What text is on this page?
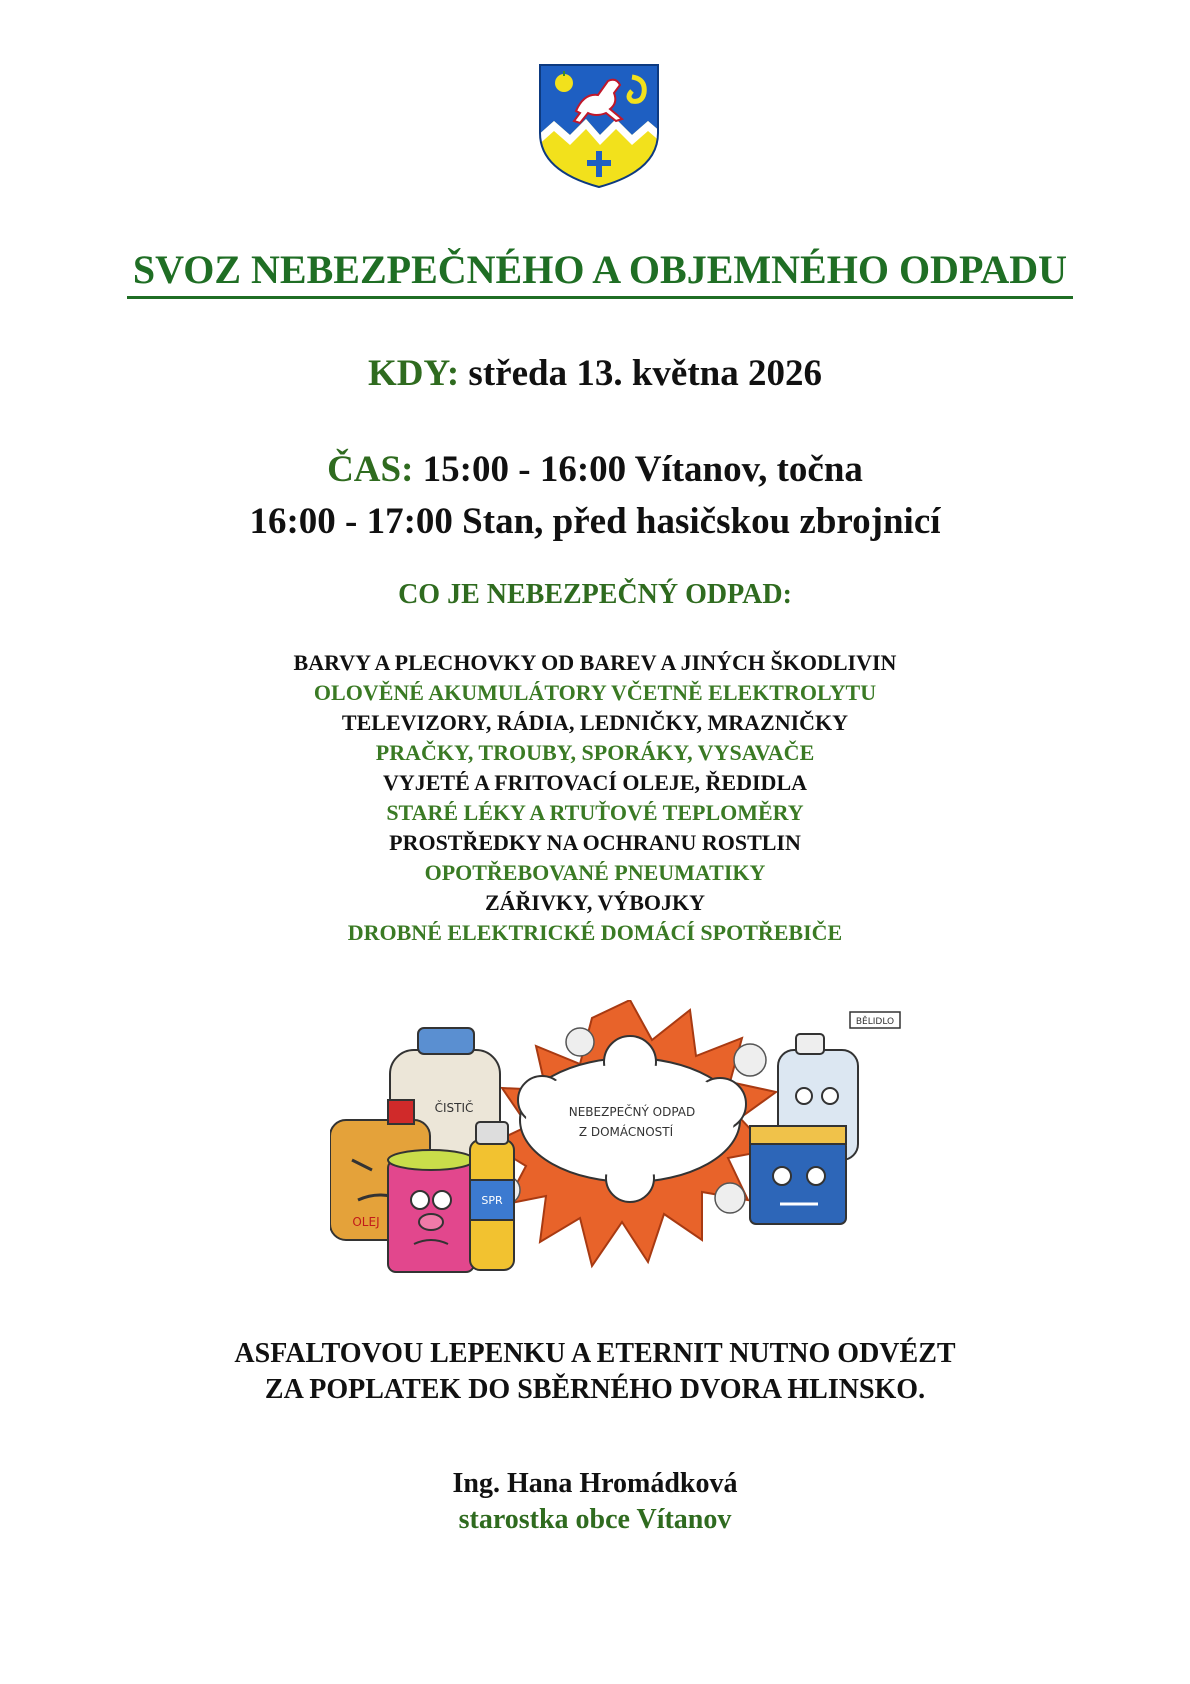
SVOZ NEBEZPEČNÉHO A OBJEMNÉHO ODPADU
KDY: středa 13. května 2026
ČAS: 15:00 - 16:00 Vítanov, točna
16:00 - 17:00 Stan, před hasičskou zbrojnicí
CO JE NEBEZPEČNÝ ODPAD:
BARVY A PLECHOVKY OD BAREV A JINÝCH ŠKODLIVIN
OLOVĚNÉ AKUMULÁTORY VČETNĚ ELEKTROLYTU
TELEVIZORY, RÁDIA, LEDNIČKY, MRAZNIČKY
PRAČKY, TROUBY, SPORÁKY, VYSAVAČE
VYJETÉ A FRITOVACÍ OLEJE, ŘEDIDLA
STARÉ LÉKY A RTUŤOVÉ TEPLOMĚRY
PROSTŘEDKY NA OCHRANU ROSTLIN
OPOTŘEBOVANÉ PNEUMATIKY
ZÁŘIVKY, VÝBOJKY
DROBNÉ ELEKTRICKÉ DOMÁCÍ SPOTŘEBIČE
NEBEZPEČNÝ ODPAD
Z DOMÁCNOSTÍ
ČISTIČ
OLEJ
SPR
BĚLIDLO
ASFALTOVOU LEPENKU A ETERNIT NUTNO ODVÉZT
ZA POPLATEK DO SBĚRNÉHO DVORA HLINSKO.
Ing. Hana Hromádková
starostka obce Vítanov
